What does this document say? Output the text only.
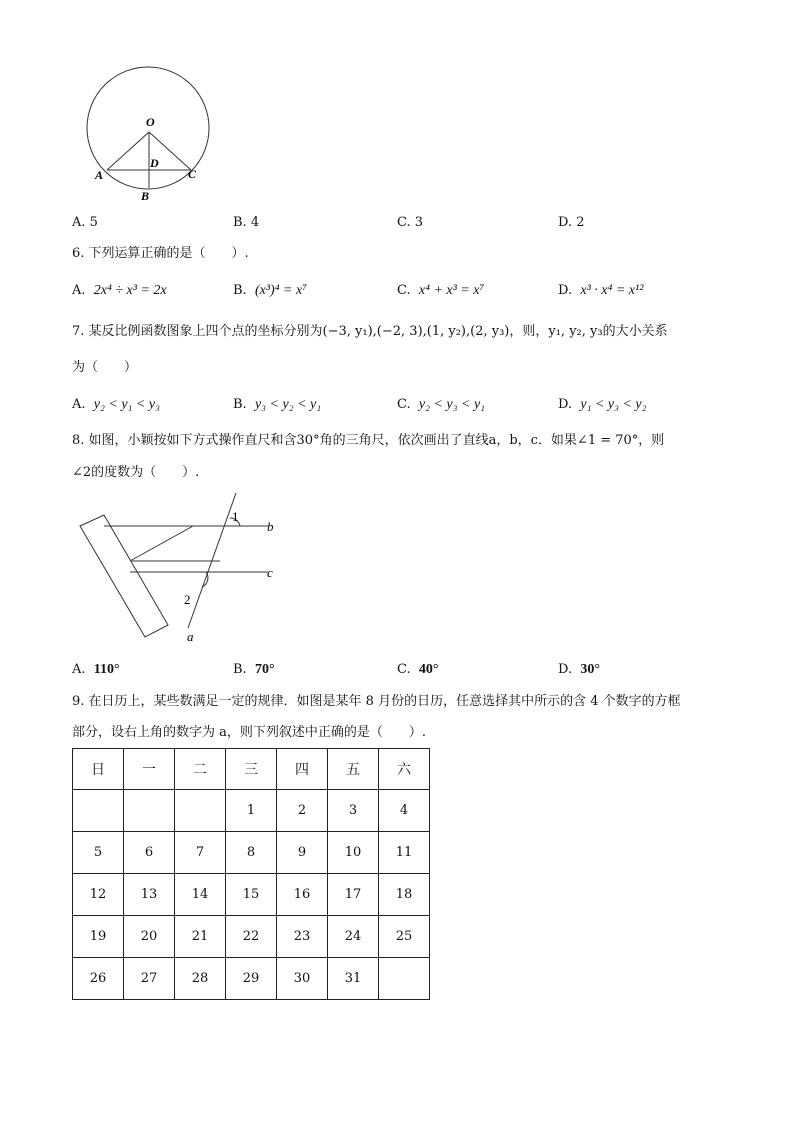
O
D
A	C
B
A. 5	B. 4	C. 3	D. 2
6. 下列运算正确的是（　　）.
A. 2x⁴ ÷ x³ = 2x	B. (x³)⁴ = x⁷	C. x⁴ + x³ = x⁷	D. x³ · x⁴ = x¹²
7. 某反比例函数图象上四个点的坐标分别为(−3, y₁),(−2, 3),(1, y₂),(2, y₃)，则，y₁, y₂, y₃的大小关系
为（　　）
A. y₂ < y₁ < y₃	B. y₃ < y₂ < y₁	C. y₂ < y₃ < y₁	D. y₁ < y₃ < y₂
8. 如图，小颖按如下方式操作直尺和含30°角的三角尺，依次画出了直线a，b，c．如果∠1 = 70°，则
∠2的度数为（　　）.
1
b
c
2
a
A. 110°	B. 70°	C. 40°	D. 30°
9. 在日历上，某些数满足一定的规律．如图是某年 8 月份的日历，任意选择其中所示的含 4 个数字的方框
部分，设右上角的数字为 a，则下列叙述中正确的是（　　）.
日	一	二	三	四	五	六
			1	2	3	4
5	6	7	8	9	10	11
12	13	14	15	16	17	18
19	20	21	22	23	24	25
26	27	28	29	30	31	
